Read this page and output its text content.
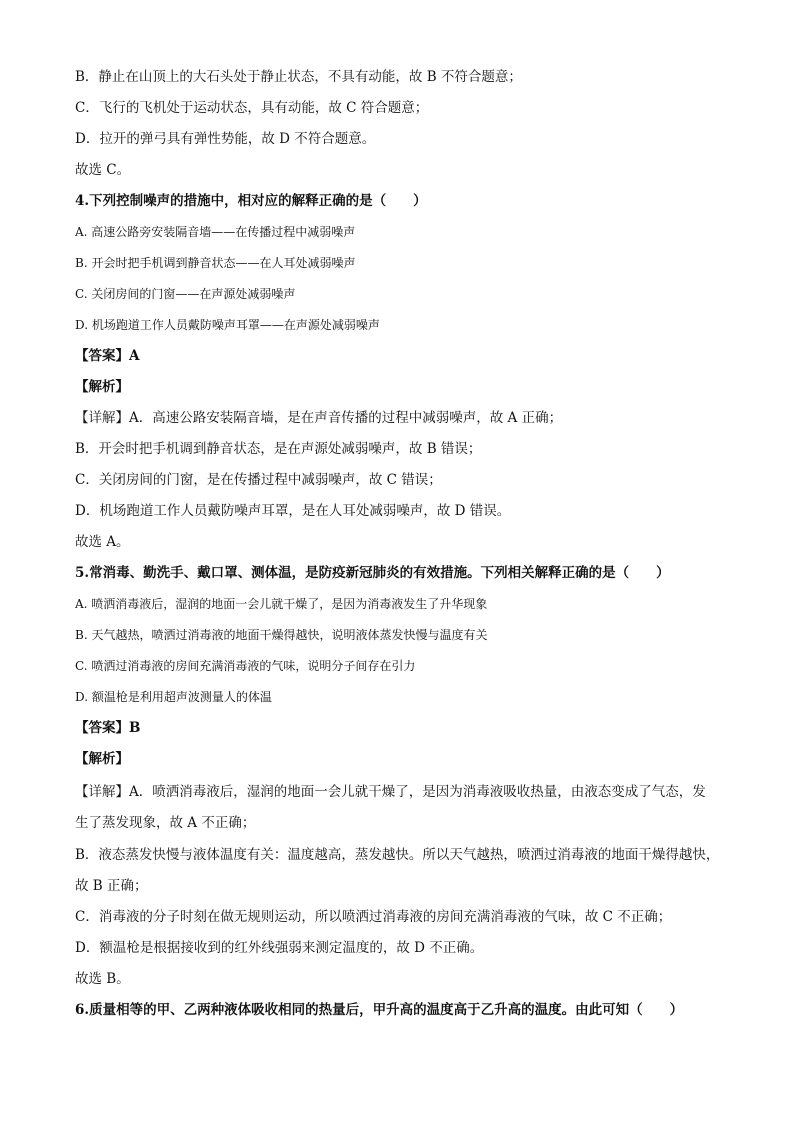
B．静止在山顶上的大石头处于静止状态，不具有动能，故 B 不符合题意；
C．飞行的飞机处于运动状态，具有动能，故 C 符合题意；
D．拉开的弹弓具有弹性势能，故 D 不符合题意。
故选 C。
4.下列控制噪声的措施中，相对应的解释正确的是（　　）
A. 高速公路旁安装隔音墙——在传播过程中减弱噪声
B. 开会时把手机调到静音状态——在人耳处减弱噪声
C. 关闭房间的门窗——在声源处减弱噪声
D. 机场跑道工作人员戴防噪声耳罩——在声源处减弱噪声
【答案】A
【解析】
【详解】A．高速公路安装隔音墙，是在声音传播的过程中减弱噪声，故 A 正确；
B．开会时把手机调到静音状态，是在声源处减弱噪声，故 B 错误；
C．关闭房间的门窗，是在传播过程中减弱噪声，故 C 错误；
D．机场跑道工作人员戴防噪声耳罩，是在人耳处减弱噪声，故 D 错误。
故选 A。
5.常消毒、勤洗手、戴口罩、测体温，是防疫新冠肺炎的有效措施。下列相关解释正确的是（　　）
A. 喷洒消毒液后，湿润的地面一会儿就干燥了，是因为消毒液发生了升华现象
B. 天气越热，喷洒过消毒液的地面干燥得越快，说明液体蒸发快慢与温度有关
C. 喷洒过消毒液的房间充满消毒液的气味，说明分子间存在引力
D. 额温枪是利用超声波测量人的体温
【答案】B
【解析】
【详解】A．喷洒消毒液后，湿润的地面一会儿就干燥了，是因为消毒液吸收热量，由液态变成了气态，发
生了蒸发现象，故 A 不正确；
B．液态蒸发快慢与液体温度有关：温度越高，蒸发越快。所以天气越热，喷洒过消毒液的地面干燥得越快，
故 B 正确；
C．消毒液的分子时刻在做无规则运动，所以喷洒过消毒液的房间充满消毒液的气味，故 C 不正确；
D．额温枪是根据接收到的红外线强弱来测定温度的，故 D 不正确。
故选 B。
6.质量相等的甲、乙两种液体吸收相同的热量后，甲升高的温度高于乙升高的温度。由此可知（　　）
